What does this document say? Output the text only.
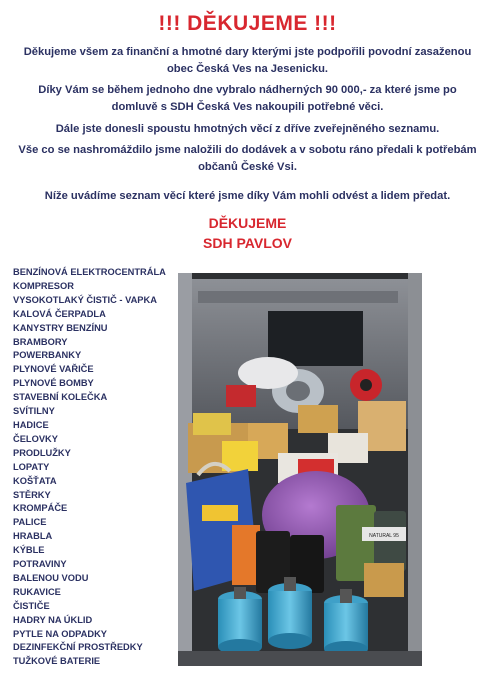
!!! DĚKUJEME !!!
Děkujeme všem za finanční a hmotné dary kterými jste podpořili povodní zasaženou obec Česká Ves na Jesenicku.
Díky Vám se během jednoho dne vybralo nádherných 90 000,- za které jsme po domluvě s SDH Česká Ves nakoupili potřebné věci.
Dále jste donesli spoustu hmotných věcí z dříve zveřejněného seznamu.
Vše co se nashromáždilo jsme naložili do dodávek a v sobotu ráno předali k potřebám občanů České Vsi.
Níže uvádíme seznam věcí které jsme díky Vám mohli odvést a lidem předat.
DĚKUJEME
SDH PAVLOV
BENZÍNOVÁ ELEKTROCENTRÁLA
KOMPRESOR
VYSOKOTLAKÝ ČISTIČ - VAPKA
KALOVÁ ČERPADLA
KANYSTRY BENZÍNU
BRAMBORY
POWERBANKY
PLYNOVÉ VAŘIČE
PLYNOVÉ BOMBY
STAVEBNÍ KOLEČKA
SVÍTILNY
HADICE
ČELOVKY
PRODLUŽKY
LOPATY
KOŠŤATA
STĚRKY
KROMPÁČE
PALICE
HRABLA
KÝBLE
POTRAVINY
BALENOU VODU
RUKAVICE
ČISTIČE
HADRY NA ÚKLID
PYTLE NA ODPADKY
DEZINFEKČNÍ PROSTŘEDKY
TUŽKOVÉ BATERIE
NATURAL 95
